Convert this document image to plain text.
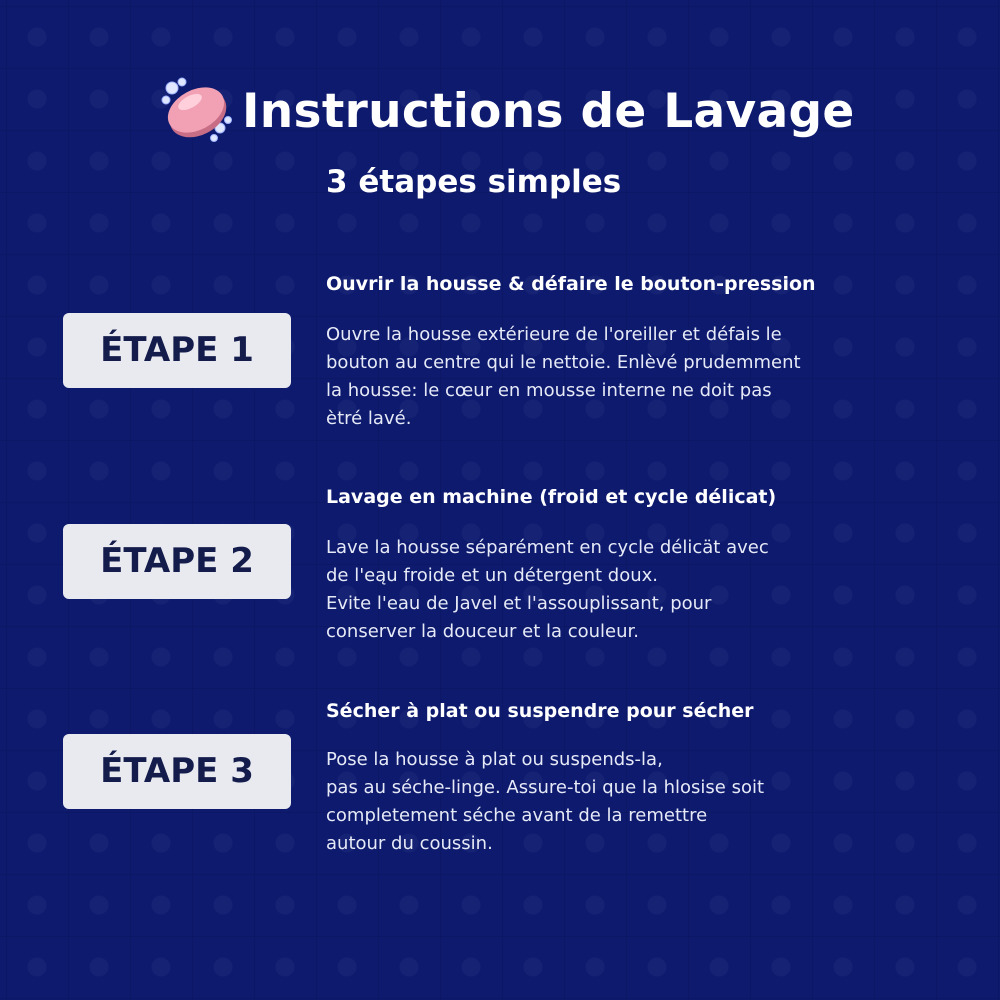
Instructions de Lavage
3 étapes simples
ÉTAPE 1
Ouvrir la housse & défaire le bouton-pression
Ouvre la housse extérieure de l'oreiller et défais le
bouton au centre qui le nettoie. Enlèvé prudemment
la housse: le cœur en mousse interne ne doit pas
ètré lavé.
ÉTAPE 2
Lavage en machine (froid et cycle délicat)
Lave la housse séparément en cycle délicät avec
de l'eąu froide et un détergent doux.
Evite l'eau de Javel et l'assouplissant, pour
conserver la douceur et la couleur.
ÉTAPE 3
Sécher à plat ou suspendre pour sécher
Pose la housse à plat ou suspends-la,
pas au séche-linge. Assure-toi que la hlosise soit
completement séche avant de la remettre
autour du coussin.
